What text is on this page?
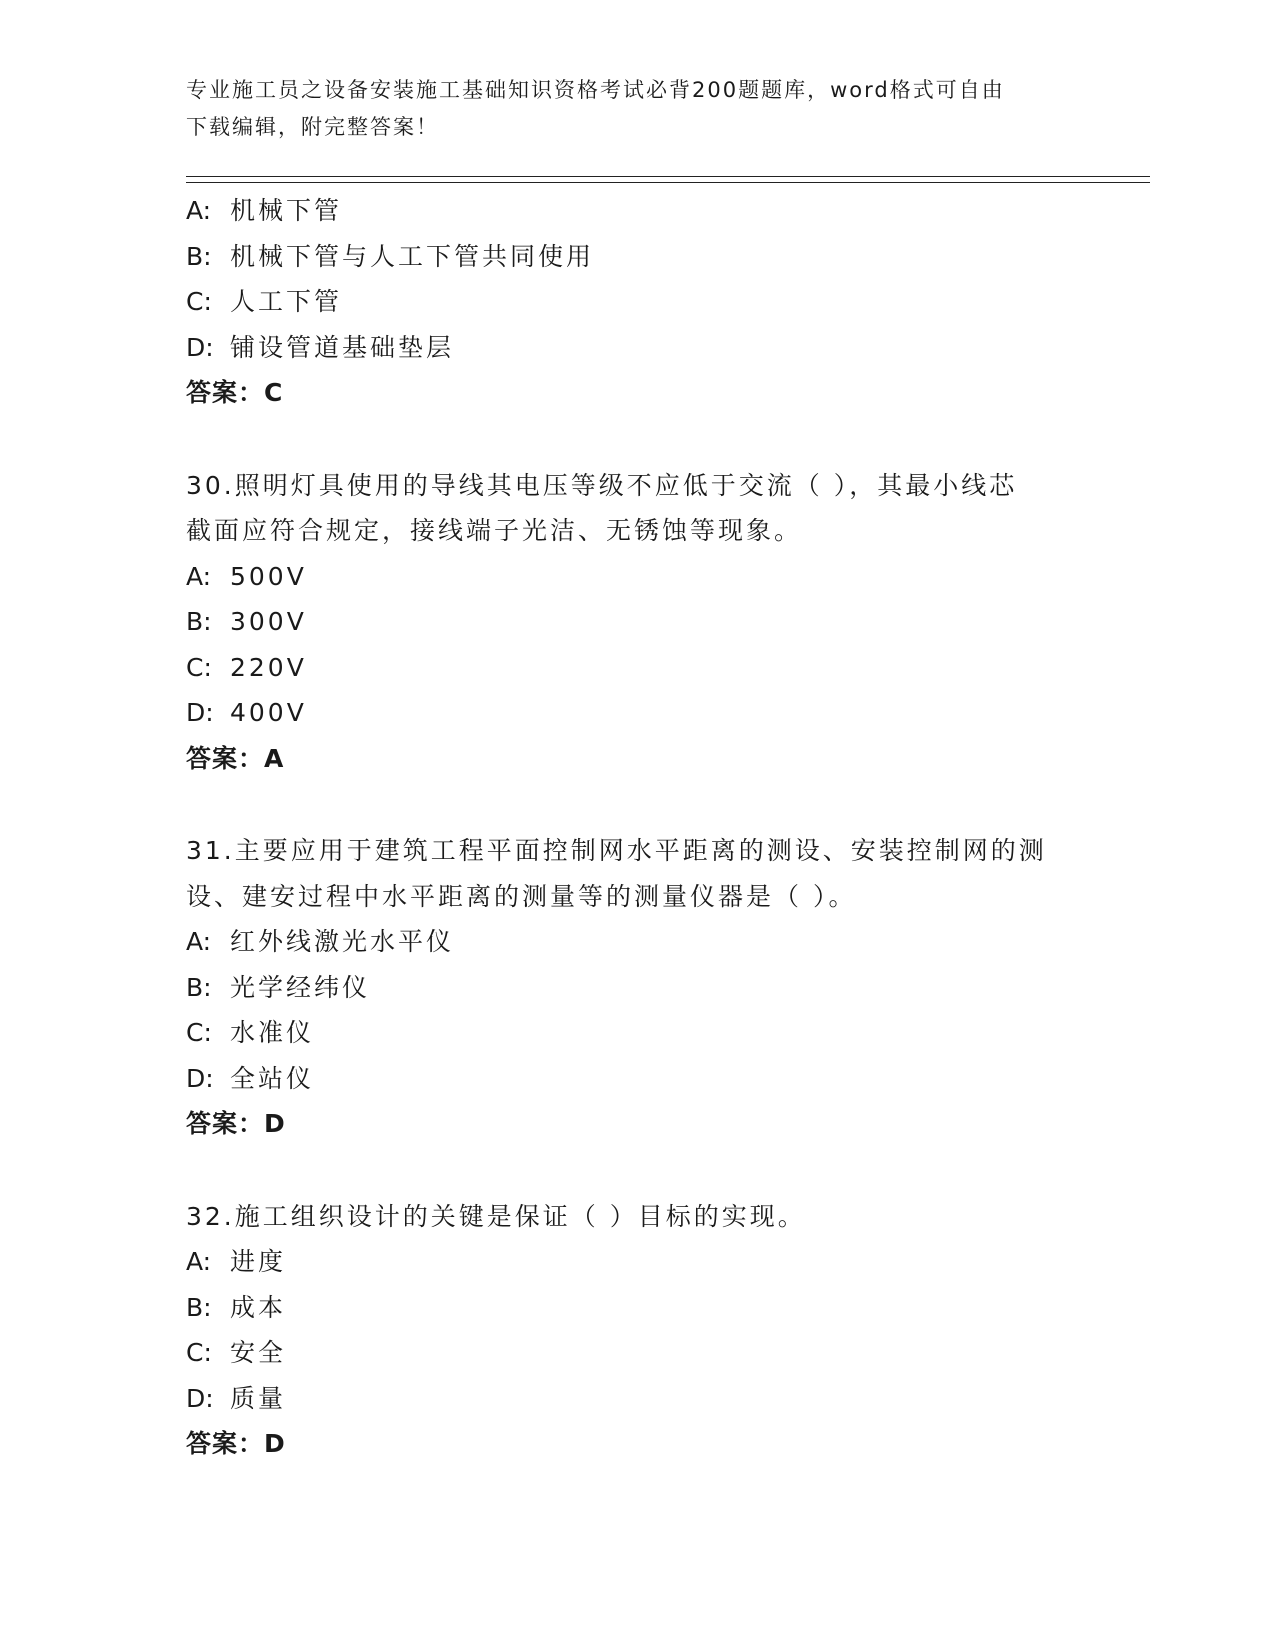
专业施工员之设备安装施工基础知识资格考试必背200题题库，word格式可自由
下载编辑，附完整答案！
A: 机械下管
B: 机械下管与人工下管共同使用
C: 人工下管
D: 铺设管道基础垫层
答案：C
30.照明灯具使用的导线其电压等级不应低于交流（ ），其最小线芯
截面应符合规定，接线端子光洁、无锈蚀等现象。
A: 500V
B: 300V
C: 220V
D: 400V
答案：A
31.主要应用于建筑工程平面控制网水平距离的测设、安装控制网的测
设、建安过程中水平距离的测量等的测量仪器是（ ）。
A: 红外线激光水平仪
B: 光学经纬仪
C: 水准仪
D: 全站仪
答案：D
32.施工组织设计的关键是保证（ ）目标的实现。
A: 进度
B: 成本
C: 安全
D: 质量
答案：D
